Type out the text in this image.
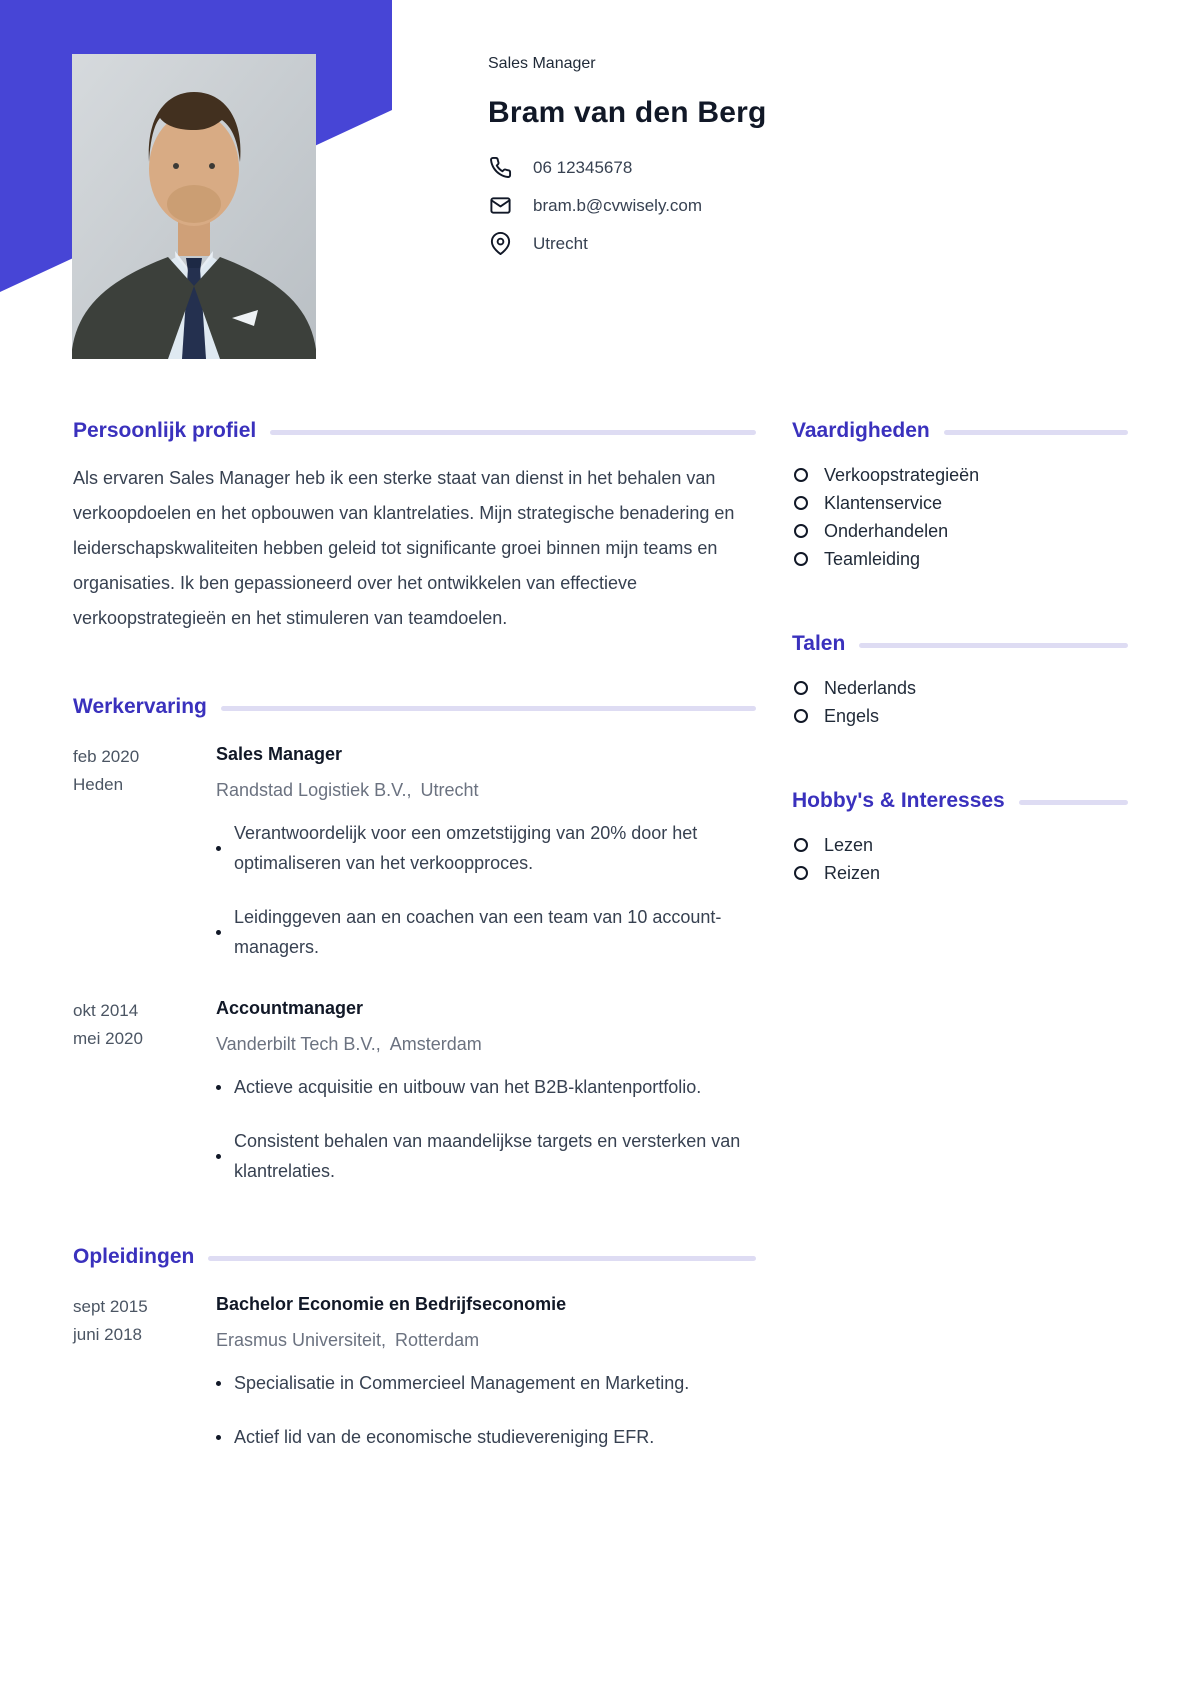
Sales Manager
Bram van den Berg
06 12345678
bram.b@cvwisely.com
Utrecht
Persoonlijk profiel

Als ervaren Sales Manager heb ik een sterke staat van dienst in het behalen van verkoopdoelen en het opbouwen van klantrelaties. Mijn strategische benadering en leiderschapskwaliteiten hebben geleid tot significante groei binnen mijn teams en organisaties. Ik ben gepassioneerd over het ontwikkelen van effectieve verkoopstrategieën en het stimuleren van teamdoelen.

Werkervaring
feb 2020
Heden
Sales Manager
Randstad Logistiek B.V., Utrecht
Verantwoordelijk voor een omzetstijging van 20% door het optimaliseren van het verkoopproces.
Leidinggeven aan en coachen van een team van 10 account-managers.
okt 2014
mei 2020
Accountmanager
Vanderbilt Tech B.V., Amsterdam
Actieve acquisitie en uitbouw van het B2B-klantenportfolio.
Consistent behalen van maandelijkse targets en versterken van klantrelaties.
Opleidingen
sept 2015
juni 2018
Bachelor Economie en Bedrijfseconomie
Erasmus Universiteit, Rotterdam
Specialisatie in Commercieel Management en Marketing.
Actief lid van de economische studievereniging EFR.
Vaardigheden
Verkoopstrategieën
Klantenservice
Onderhandelen
Teamleiding
Talen
Nederlands
Engels
Hobby's & Interesses
Lezen
Reizen
